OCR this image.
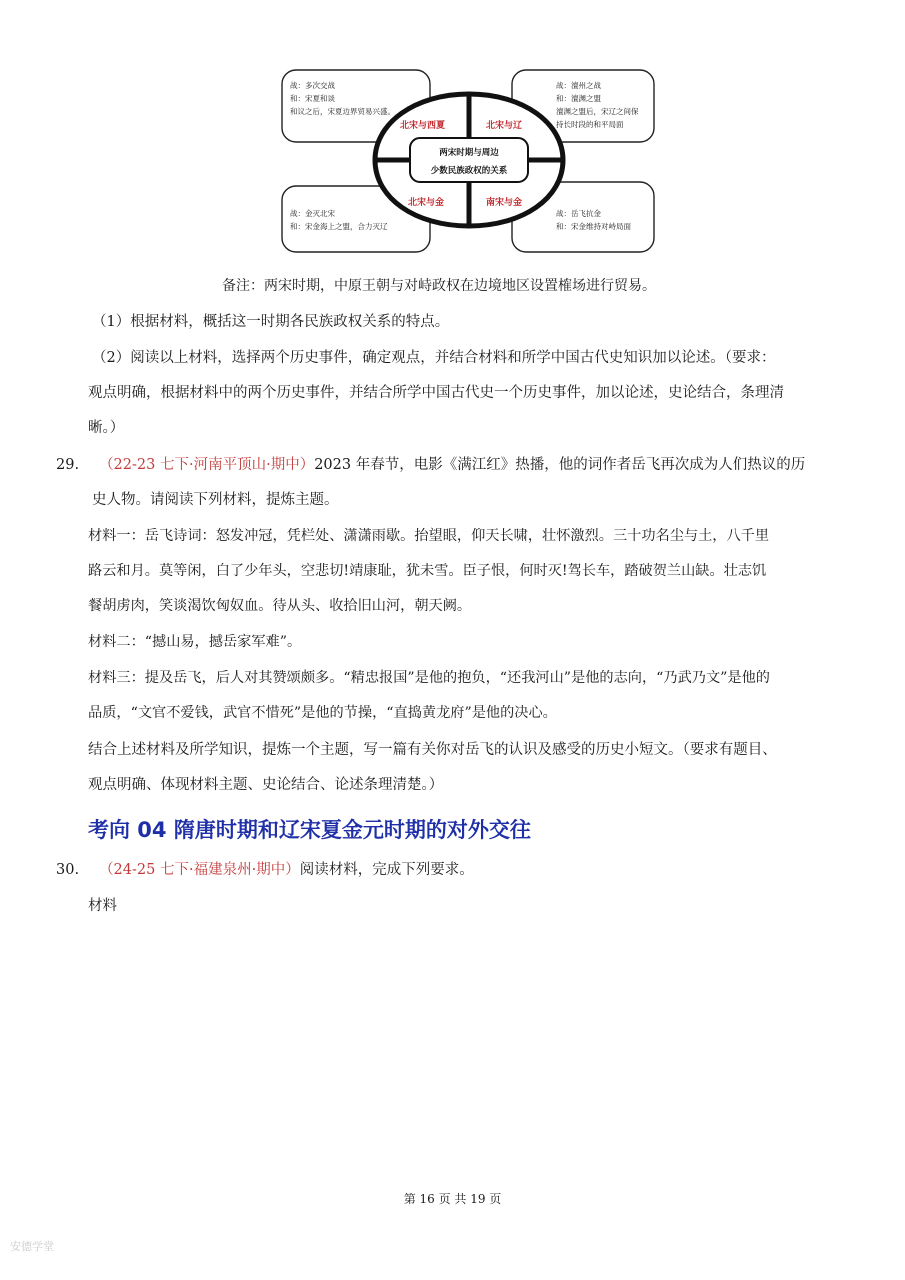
战：多次交战
和：宋夏和谈
和议之后，宋夏边界贸易兴盛。
战：澶州之战
和：澶渊之盟
澶渊之盟后，宋辽之间保
持长时段的和平局面
战：金灭北宋
和：宋金海上之盟，合力灭辽
战：岳飞抗金
和：宋金维持对峙局面
北宋与西夏	北宋与辽
北宋与金	南宋与金
两宋时期与周边
少数民族政权的关系
备注：两宋时期，中原王朝与对峙政权在边境地区设置榷场进行贸易。
（1）根据材料，概括这一时期各民族政权关系的特点。
（2）阅读以上材料，选择两个历史事件，确定观点，并结合材料和所学中国古代史知识加以论述。（要求：
观点明确，根据材料中的两个历史事件，并结合所学中国古代史一个历史事件，加以论述，史论结合，条理清
晰。）
29. （22-23 七下·河南平顶山·期中）2023 年春节，电影《满江红》热播，他的词作者岳飞再次成为人们热议的历
史人物。请阅读下列材料，提炼主题。
材料一：岳飞诗词：怒发冲冠，凭栏处、潇潇雨歇。抬望眼，仰天长啸，壮怀激烈。三十功名尘与土，八千里
路云和月。莫等闲，白了少年头，空悲切!靖康耻，犹未雪。臣子恨，何时灭!驾长车，踏破贺兰山缺。壮志饥
餐胡虏肉，笑谈渴饮匈奴血。待从头、收拾旧山河，朝天阙。
材料二：“撼山易，撼岳家军难”。
材料三：提及岳飞，后人对其赞颂颇多。“精忠报国”是他的抱负，“还我河山”是他的志向，“乃武乃文”是他的
品质，“文官不爱钱，武官不惜死”是他的节操，“直捣黄龙府”是他的决心。
结合上述材料及所学知识，提炼一个主题，写一篇有关你对岳飞的认识及感受的历史小短文。（要求有题目、
观点明确、体现材料主题、史论结合、论述条理清楚。）
考向 04 隋唐时期和辽宋夏金元时期的对外交往
30. （24-25 七下·福建泉州·期中）阅读材料，完成下列要求。
材料
第 16 页 共 19 页
安德学堂
